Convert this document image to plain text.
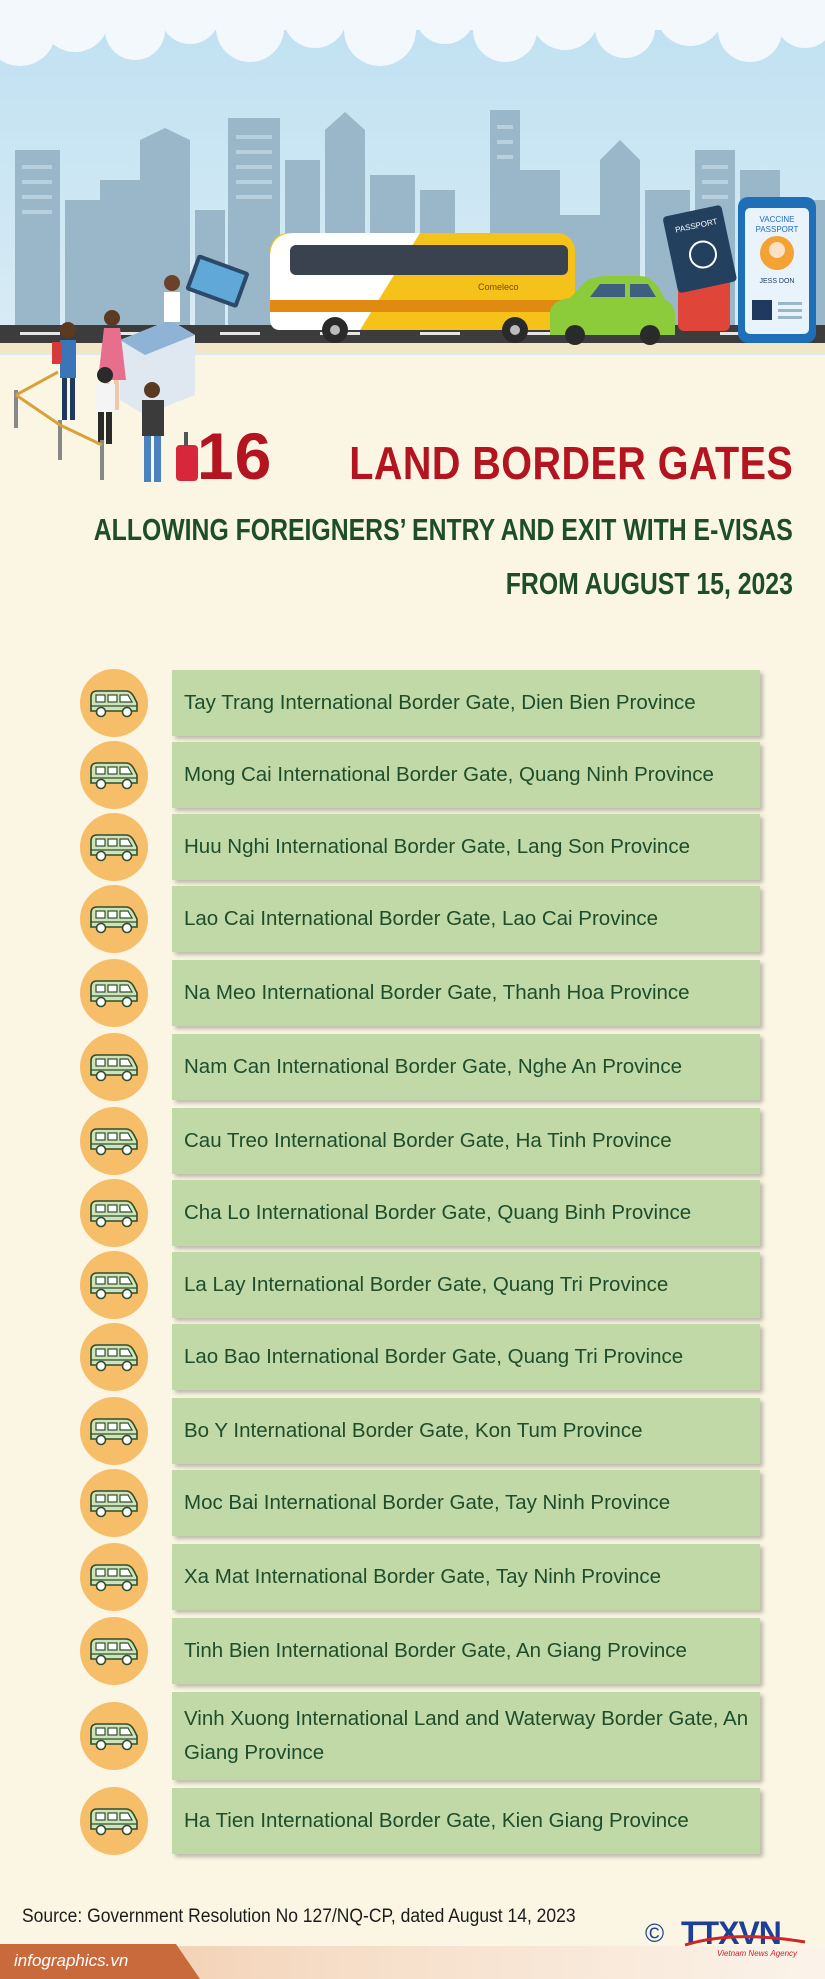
Comeleco
PASSPORT	VACCINE
PASSPORT
JESS DON
16 LAND BORDER GATES
ALLOWING FOREIGNERS’ ENTRY AND EXIT WITH E-VISAS
FROM AUGUST 15, 2023
Tay Trang International Border Gate, Dien Bien Province
Mong Cai International Border Gate, Quang Ninh Province
Huu Nghi International Border Gate, Lang Son Province
Lao Cai International Border Gate, Lao Cai Province
Na Meo International Border Gate, Thanh Hoa Province
Nam Can International Border Gate, Nghe An Province
Cau Treo International Border Gate, Ha Tinh Province
Cha Lo International Border Gate, Quang Binh Province
La Lay International Border Gate, Quang Tri Province
Lao Bao International Border Gate, Quang Tri Province
Bo Y International Border Gate, Kon Tum Province
Moc Bai International Border Gate, Tay Ninh Province
Xa Mat International Border Gate, Tay Ninh Province
Tinh Bien International Border Gate, An Giang Province
Vinh Xuong International Land and Waterway Border Gate, An Giang Province
Ha Tien International Border Gate, Kien Giang Province
Source: Government Resolution No 127/NQ-CP, dated August 14, 2023
infographics.vn
© TTXVN
Vietnam News Agency
